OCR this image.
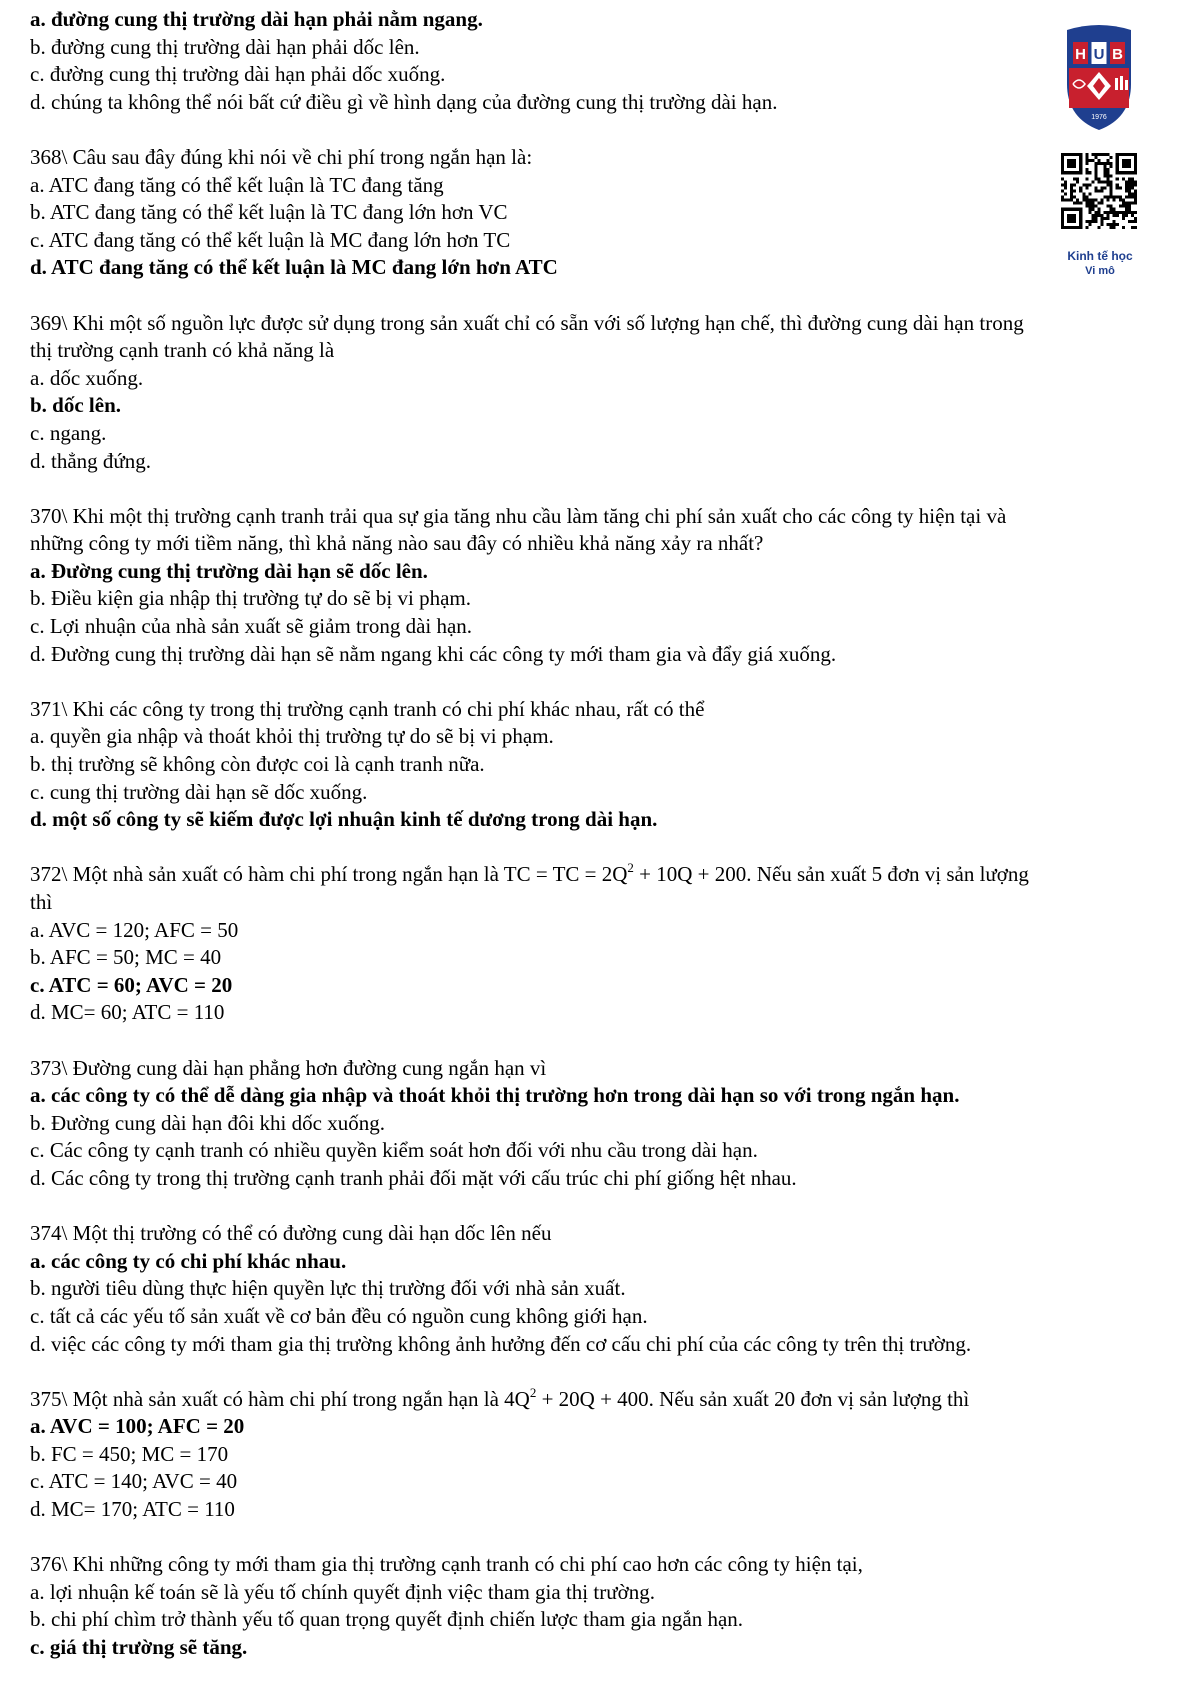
a. đường cung thị trường dài hạn phải nằm ngang.
b. đường cung thị trường dài hạn phải dốc lên.
c. đường cung thị trường dài hạn phải dốc xuống.
d. chúng ta không thể nói bất cứ điều gì về hình dạng của đường cung thị trường dài hạn.
368\ Câu sau đây đúng khi nói về chi phí trong ngắn hạn là:
a. ATC đang tăng có thể kết luận là TC đang tăng
b. ATC đang tăng có thể kết luận là TC đang lớn hơn VC
c. ATC đang tăng có thể kết luận là MC đang lớn hơn TC
d. ATC đang tăng có thể kết luận là MC đang lớn hơn ATC
369\ Khi một số nguồn lực được sử dụng trong sản xuất chỉ có sẵn với số lượng hạn chế, thì đường cung dài hạn trong
thị trường cạnh tranh có khả năng là
a. dốc xuống.
b. dốc lên.
c. ngang.
d. thẳng đứng.
370\ Khi một thị trường cạnh tranh trải qua sự gia tăng nhu cầu làm tăng chi phí sản xuất cho các công ty hiện tại và
những công ty mới tiềm năng, thì khả năng nào sau đây có nhiều khả năng xảy ra nhất?
a. Đường cung thị trường dài hạn sẽ dốc lên.
b. Điều kiện gia nhập thị trường tự do sẽ bị vi phạm.
c. Lợi nhuận của nhà sản xuất sẽ giảm trong dài hạn.
d. Đường cung thị trường dài hạn sẽ nằm ngang khi các công ty mới tham gia và đẩy giá xuống.
371\ Khi các công ty trong thị trường cạnh tranh có chi phí khác nhau, rất có thể
a. quyền gia nhập và thoát khỏi thị trường tự do sẽ bị vi phạm.
b. thị trường sẽ không còn được coi là cạnh tranh nữa.
c. cung thị trường dài hạn sẽ dốc xuống.
d. một số công ty sẽ kiếm được lợi nhuận kinh tế dương trong dài hạn.
372\ Một nhà sản xuất có hàm chi phí trong ngắn hạn là TC = TC = $2Q^2 + 10Q + 200$. Nếu sản xuất 5 đơn vị sản lượng
thì
a. AVC = 120; AFC = 50
b. AFC = 50; MC = 40
c. ATC = 60; AVC = 20
d. MC= 60; ATC = 110
373\ Đường cung dài hạn phẳng hơn đường cung ngắn hạn vì
a. các công ty có thể dễ dàng gia nhập và thoát khỏi thị trường hơn trong dài hạn so với trong ngắn hạn.
b. Đường cung dài hạn đôi khi dốc xuống.
c. Các công ty cạnh tranh có nhiều quyền kiểm soát hơn đối với nhu cầu trong dài hạn.
d. Các công ty trong thị trường cạnh tranh phải đối mặt với cấu trúc chi phí giống hệt nhau.
374\ Một thị trường có thể có đường cung dài hạn dốc lên nếu
a. các công ty có chi phí khác nhau.
b. người tiêu dùng thực hiện quyền lực thị trường đối với nhà sản xuất.
c. tất cả các yếu tố sản xuất về cơ bản đều có nguồn cung không giới hạn.
d. việc các công ty mới tham gia thị trường không ảnh hưởng đến cơ cấu chi phí của các công ty trên thị trường.
375\ Một nhà sản xuất có hàm chi phí trong ngắn hạn là $4Q^2 + 20Q + 400$. Nếu sản xuất 20 đơn vị sản lượng thì
a. AVC = 100; AFC = 20
b. FC = 450; MC = 170
c. ATC = 140; AVC = 40
d. MC= 170; ATC = 110
376\ Khi những công ty mới tham gia thị trường cạnh tranh có chi phí cao hơn các công ty hiện tại,
a. lợi nhuận kế toán sẽ là yếu tố chính quyết định việc tham gia thị trường.
b. chi phí chìm trở thành yếu tố quan trọng quyết định chiến lược tham gia ngắn hạn.
c. giá thị trường sẽ tăng.
H U B
1976
Kinh tế học
Vi mô
